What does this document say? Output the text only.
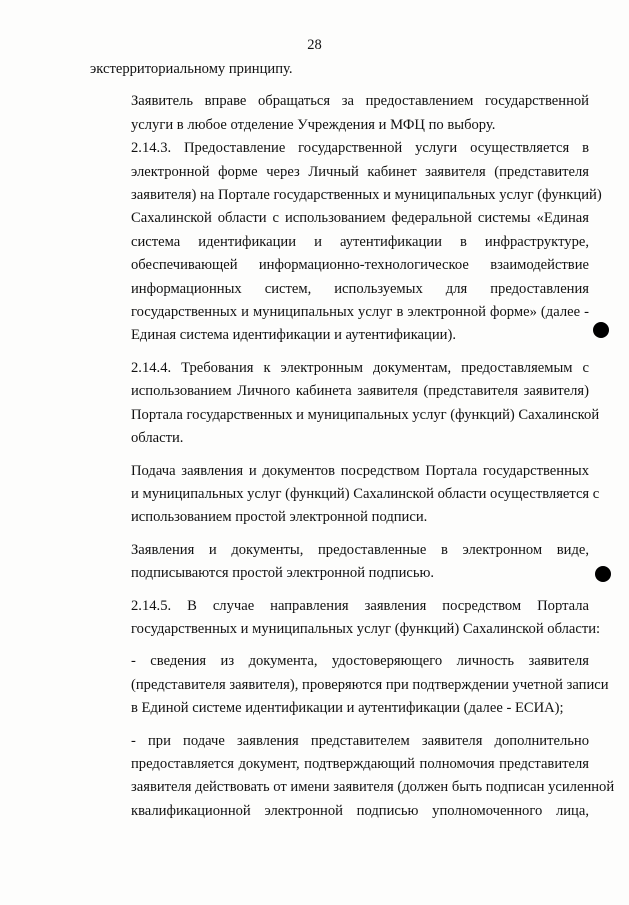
28

экстерриториальному принципу.

Заявитель вправе обращаться за предоставлением государственной
услуги в любое отделение Учреждения и МФЦ по выбору.

2.14.3. Предоставление государственной услуги осуществляется в
электронной форме через Личный кабинет заявителя (представителя
заявителя) на Портале государственных и муниципальных услуг (функций)
Сахалинской области с использованием федеральной системы «Единая
система идентификации и аутентификации в инфраструктуре,
обеспечивающей информационно-технологическое взаимодействие
информационных систем, используемых для предоставления
государственных и муниципальных услуг в электронной форме» (далее -
Единая система идентификации и аутентификации).

2.14.4. Требования к электронным документам, предоставляемым с
использованием Личного кабинета заявителя (представителя заявителя)
Портала государственных и муниципальных услуг (функций) Сахалинской
области.

Подача заявления и документов посредством Портала государственных
и муниципальных услуг (функций) Сахалинской области осуществляется с
использованием простой электронной подписи.

Заявления и документы, предоставленные в электронном виде,
подписываются простой электронной подписью.

2.14.5. В случае направления заявления посредством Портала
государственных и муниципальных услуг (функций) Сахалинской области:

- сведения из документа, удостоверяющего личность заявителя
(представителя заявителя), проверяются при подтверждении учетной записи
в Единой системе идентификации и аутентификации (далее - ЕСИА);

- при подаче заявления представителем заявителя дополнительно
предоставляется документ, подтверждающий полномочия представителя
заявителя действовать от имени заявителя (должен быть подписан усиленной
квалификационной электронной подписью уполномоченного лица,
